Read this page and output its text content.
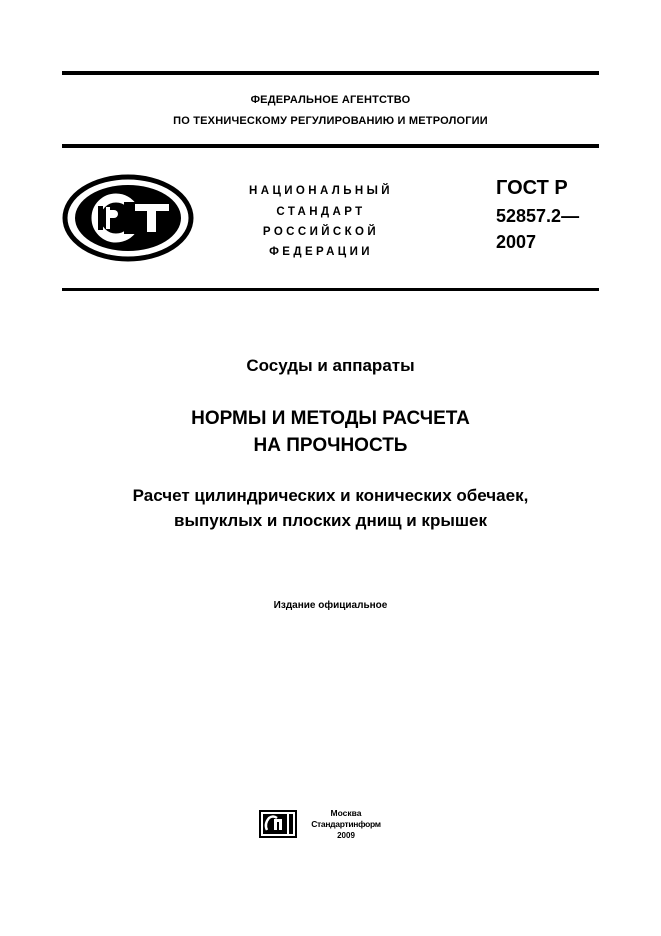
ФЕДЕРАЛЬНОЕ АГЕНТСТВО
ПО ТЕХНИЧЕСКОМУ РЕГУЛИРОВАНИЮ И МЕТРОЛОГИИ
НАЦИОНАЛЬНЫЙ
СТАНДАРТ
РОССИЙСКОЙ
ФЕДЕРАЦИИ
ГОСТ Р
52857.2—
2007
Сосуды и аппараты
НОРМЫ И МЕТОДЫ РАСЧЕТА
НА ПРОЧНОСТЬ
Расчет цилиндрических и конических обечаек,
выпуклых и плоских днищ и крышек
Издание официальное
Москва
Стандартинформ
2009
